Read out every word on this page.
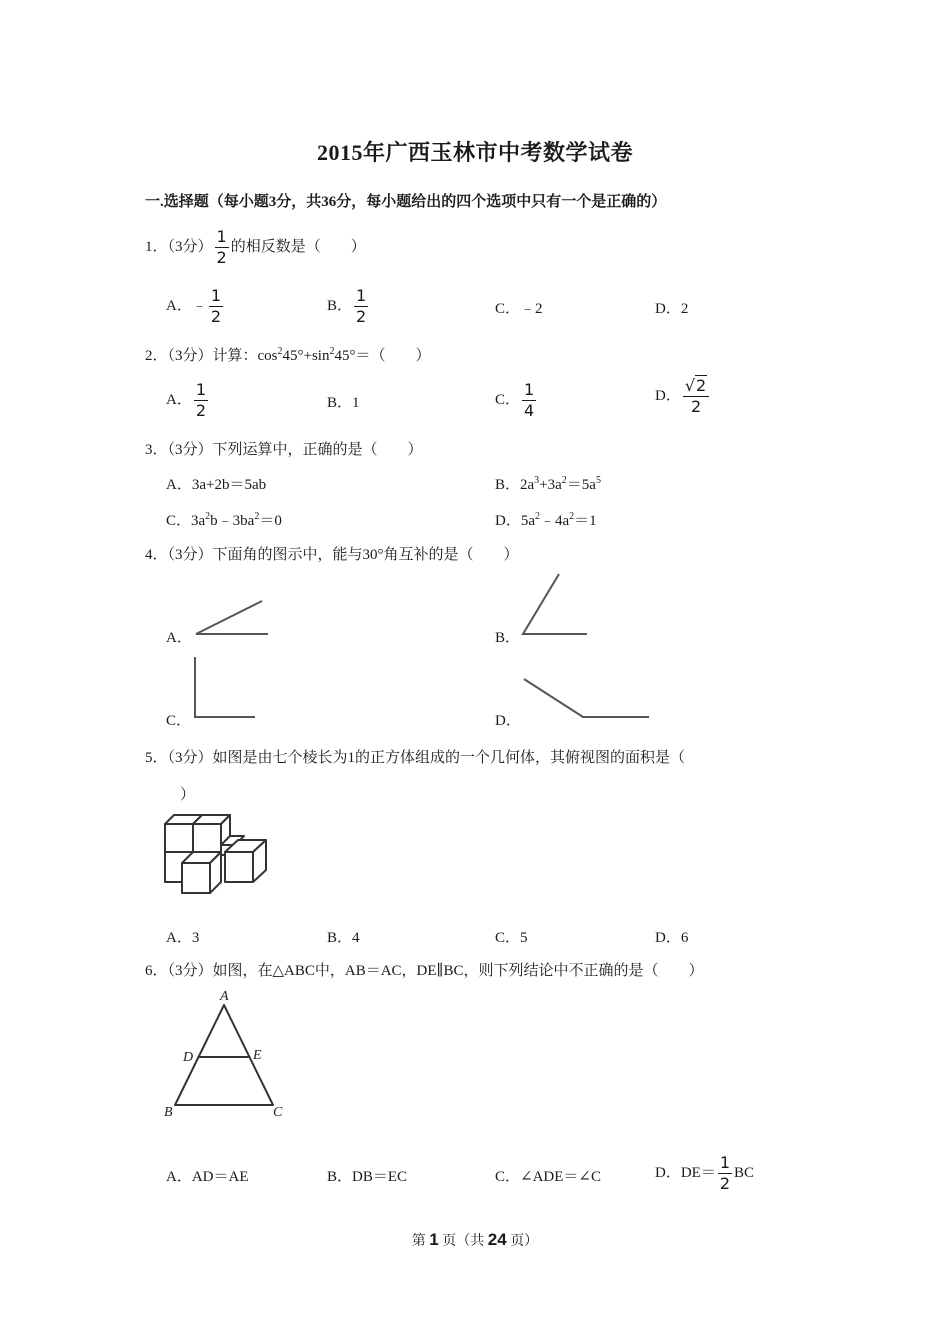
2015年广西玉林市中考数学试卷
一.选择题（每小题3分，共36分，每小题给出的四个选项中只有一个是正确的）
1．（3分） $\frac{1}{2}$ 的相反数是（　　）
A．﹣ $\frac{1}{2}$	B． $\frac{1}{2}$	C．﹣2	D．2
2．（3分）计算：$\cos^245^\circ+\sin^245^\circ=$（　　）
A． $\frac{1}{2}$	B．1	C． $\frac{1}{4}$	D． $\frac{√2}{2}$
3．（3分）下列运算中，正确的是（　　）
A．3a+2b＝5ab	B．$2a^3+3a^2=5a^5$
C．$3a^2b﹣3ba^2=0$	D．$5a^2﹣4a^2=1$
4．（3分）下面角的图示中，能与30°角互补的是（　　）
A．	B．
C．	D．
5．（3分）如图是由七个棱长为1的正方体组成的一个几何体，其俯视图的面积是（
）
A．3	B．4	C．5	D．6
6．（3分）如图，在△ABC中，AB＝AC，DE∥BC，则下列结论中不正确的是（　　）
A
B	C
D	E
A．AD＝AE	B．DB＝EC	C．∠ADE＝∠C	D．$DE= \frac{1}{2}$ BC
第 1 页（共 24 页）
